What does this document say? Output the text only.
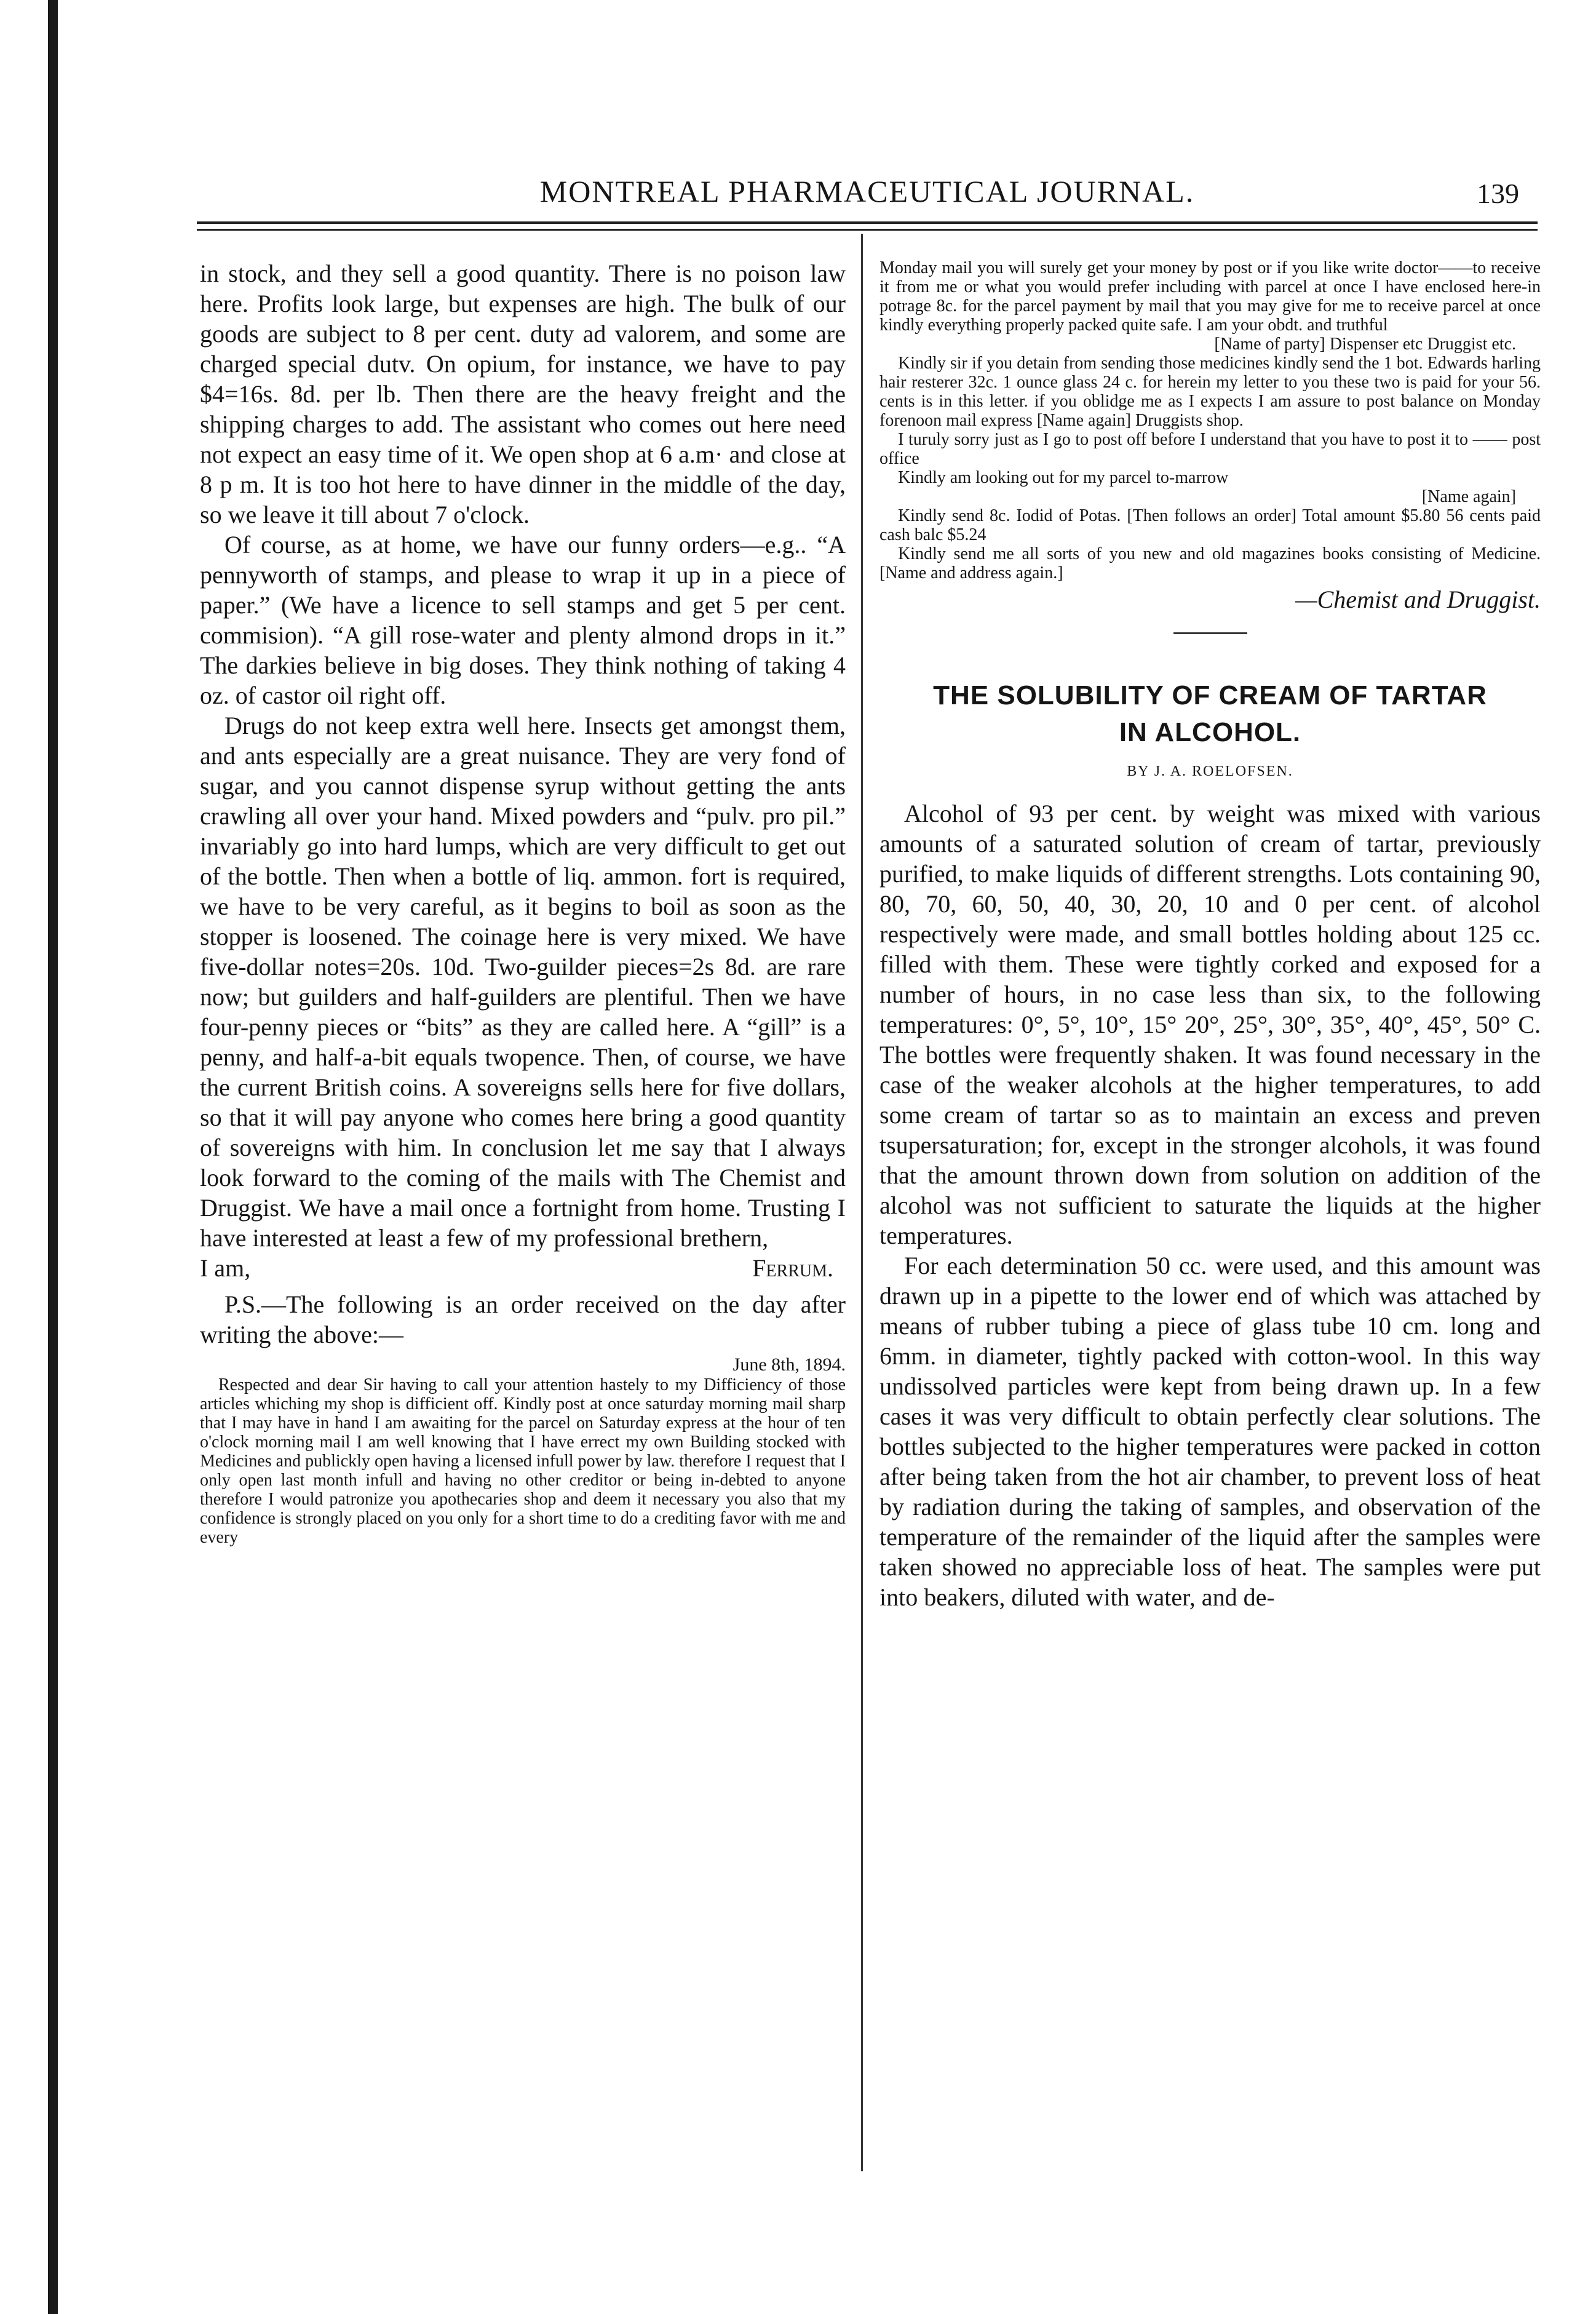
MONTREAL PHARMACEUTICAL JOURNAL.	139

in stock, and they sell a good quantity. There is no poison law here. Profits look large, but expenses are high. The bulk of our goods are subject to 8 per cent. duty ad valorem, and some are charged special dutv. On opium, for instance, we have to pay $4=16s. 8d. per lb. Then there are the heavy freight and the shipping charges to add. The assistant who comes out here need not expect an easy time of it. We open shop at 6 a.m· and close at 8 p m. It is too hot here to have dinner in the middle of the day, so we leave it till about 7 o'clock.

Of course, as at home, we have our funny orders—e.g.. “A pennyworth of stamps, and please to wrap it up in a piece of paper.” (We have a licence to sell stamps and get 5 per cent. commision). “A gill rose-water and plenty almond drops in it.” The darkies believe in big doses. They think nothing of taking 4 oz. of castor oil right off.

Drugs do not keep extra well here. Insects get amongst them, and ants especially are a great nuisance. They are very fond of sugar, and you cannot dispense syrup without getting the ants crawling all over your hand. Mixed powders and “pulv. pro pil.” invariably go into hard lumps, which are very difficult to get out of the bottle. Then when a bottle of liq. ammon. fort is required, we have to be very careful, as it begins to boil as soon as the stopper is loosened. The coinage here is very mixed. We have five-dollar notes=20s. 10d. Two-guilder pieces=2s 8d. are rare now; but guilders and half-guilders are plentiful. Then we have four-penny pieces or “bits” as they are called here. A “gill” is a penny, and half-a-bit equals twopence. Then, of course, we have the current British coins. A sovereigns sells here for five dollars, so that it will pay anyone who comes here bring a good quantity of sovereigns with him. In conclusion let me say that I always look forward to the coming of the mails with The Chemist and Druggist. We have a mail once a fortnight from home. Trusting I have interested at least a few of my professional brethern,

I am,	Ferrum.

P.S.—The following is an order received on the day after writing the above:—

June 8th, 1894.

Respected and dear Sir having to call your attention hastely to my Difficiency of those articles whiching my shop is difficient off. Kindly post at once saturday morning mail sharp that I may have in hand I am awaiting for the parcel on Saturday express at the hour of ten o'clock morning mail I am well knowing that I have errect my own Building stocked with Medicines and publickly open having a licensed infull power by law. therefore I request that I only open last month infull and having no other creditor or being in-debted to anyone therefore I would patronize you apothecaries shop and deem it necessary you also that my confidence is strongly placed on you only for a short time to do a crediting favor with me and every

Monday mail you will surely get your money by post or if you like write doctor——to receive it from me or what you would prefer including with parcel at once I have enclosed here-in potrage 8c. for the parcel payment by mail that you may give for me to receive parcel at once kindly everything properly packed quite safe. I am your obdt. and truthful

[Name of party] Dispenser etc Druggist etc.

Kindly sir if you detain from sending those medicines kindly send the 1 bot. Edwards harling hair resterer 32c. 1 ounce glass 24 c. for herein my letter to you these two is paid for your 56. cents is in this letter. if you oblidge me as I expects I am assure to post balance on Monday forenoon mail express [Name again] Druggists shop.

I turuly sorry just as I go to post off before I understand that you have to post it to —— post office

Kindly am looking out for my parcel to-marrow

[Name again]

Kindly send 8c. Iodid of Potas. [Then follows an order] Total amount $5.80 56 cents paid cash balc $5.24

Kindly send me all sorts of you new and old magazines books consisting of Medicine. [Name and address again.]

—Chemist and Druggist.
THE SOLUBILITY OF CREAM OF TARTAR
IN ALCOHOL.
BY J. A. ROELOFSEN.

Alcohol of 93 per cent. by weight was mixed with various amounts of a saturated solution of cream of tartar, previously purified, to make liquids of different strengths. Lots containing 90, 80, 70, 60, 50, 40, 30, 20, 10 and 0 per cent. of alcohol respectively were made, and small bottles holding about 125 cc. filled with them. These were tightly corked and exposed for a number of hours, in no case less than six, to the following temperatures: 0°, 5°, 10°, 15° 20°, 25°, 30°, 35°, 40°, 45°, 50° C. The bottles were frequently shaken. It was found necessary in the case of the weaker alcohols at the higher temperatures, to add some cream of tartar so as to maintain an excess and preven tsupersaturation; for, except in the stronger alcohols, it was found that the amount thrown down from solution on addition of the alcohol was not sufficient to saturate the liquids at the higher temperatures.

For each determination 50 cc. were used, and this amount was drawn up in a pipette to the lower end of which was attached by means of rubber tubing a piece of glass tube 10 cm. long and 6mm. in diameter, tightly packed with cotton-wool. In this way undissolved particles were kept from being drawn up. In a few cases it was very difficult to obtain perfectly clear solutions. The bottles subjected to the higher temperatures were packed in cotton after being taken from the hot air chamber, to prevent loss of heat by radiation during the taking of samples, and observation of the temperature of the remainder of the liquid after the samples were taken showed no appreciable loss of heat. The samples were put into beakers, diluted with water, and de-
